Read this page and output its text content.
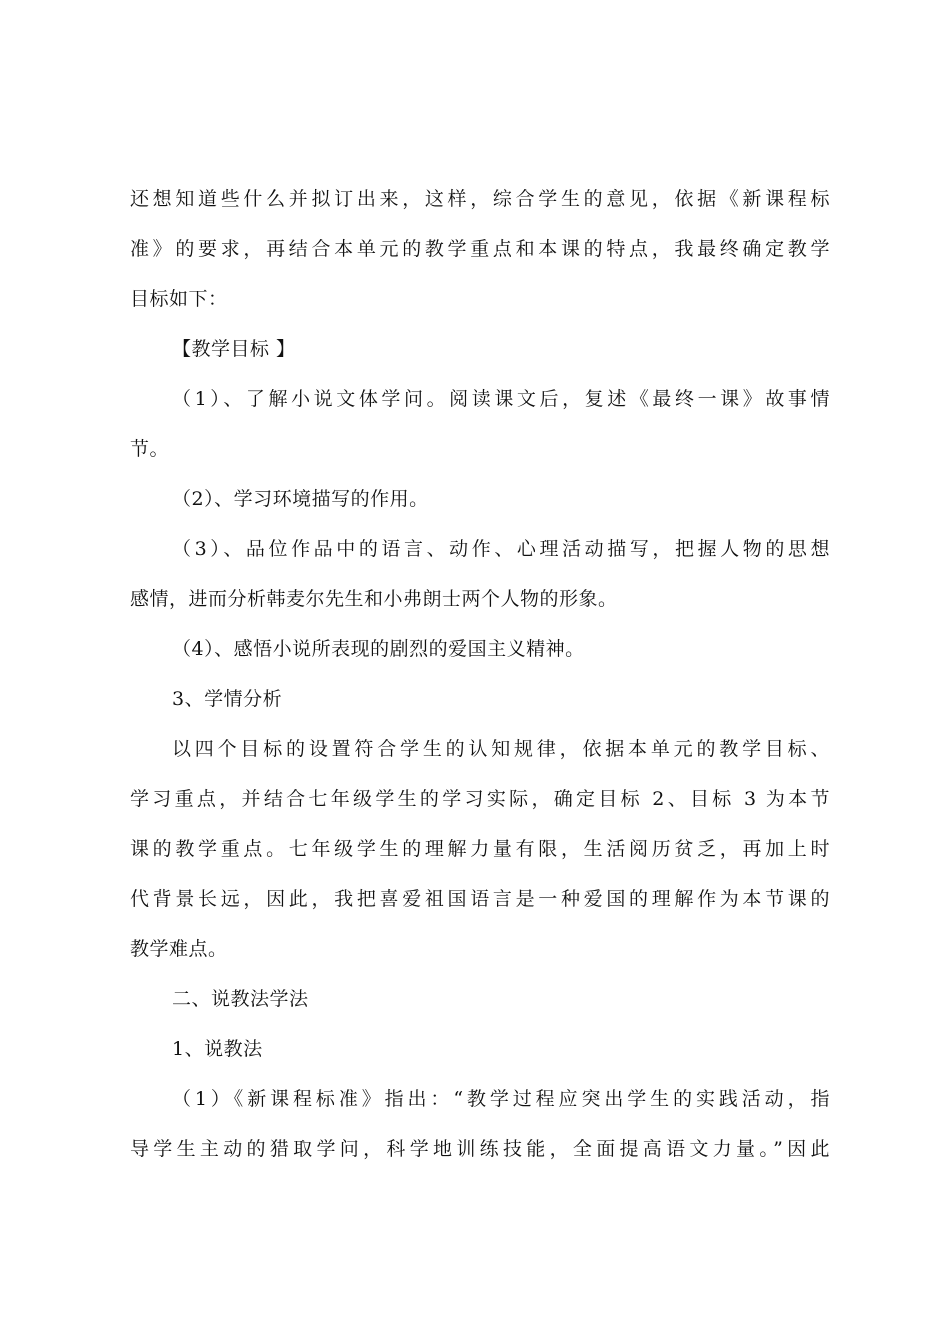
还想知道些什么并拟订出来，这样，综合学生的意见，依据《新课程标
准》的要求，再结合本单元的教学重点和本课的特点，我最终确定教学
目标如下：
【教学目标 】
（1）、了解小说文体学问。阅读课文后，复述《最终一课》故事情
节。
（2）、学习环境描写的作用。
（3）、品位作品中的语言、动作、心理活动描写，把握人物的思想
感情，进而分析韩麦尔先生和小弗朗士两个人物的形象。
（4）、感悟小说所表现的剧烈的爱国主义精神。
3、学情分析
以四个目标的设置符合学生的认知规律，依据本单元的教学目标、
学习重点，并结合七年级学生的学习实际，确定目标 2、目标 3 为本节
课的教学重点。七年级学生的理解力量有限，生活阅历贫乏，再加上时
代背景长远，因此，我把喜爱祖国语言是一种爱国的理解作为本节课的
教学难点。
二、说教法学法
1、说教法
（1）《新课程标准》指出：“教学过程应突出学生的实践活动，指
导学生主动的猎取学问，科学地训练技能，全面提高语文力量。”因此
